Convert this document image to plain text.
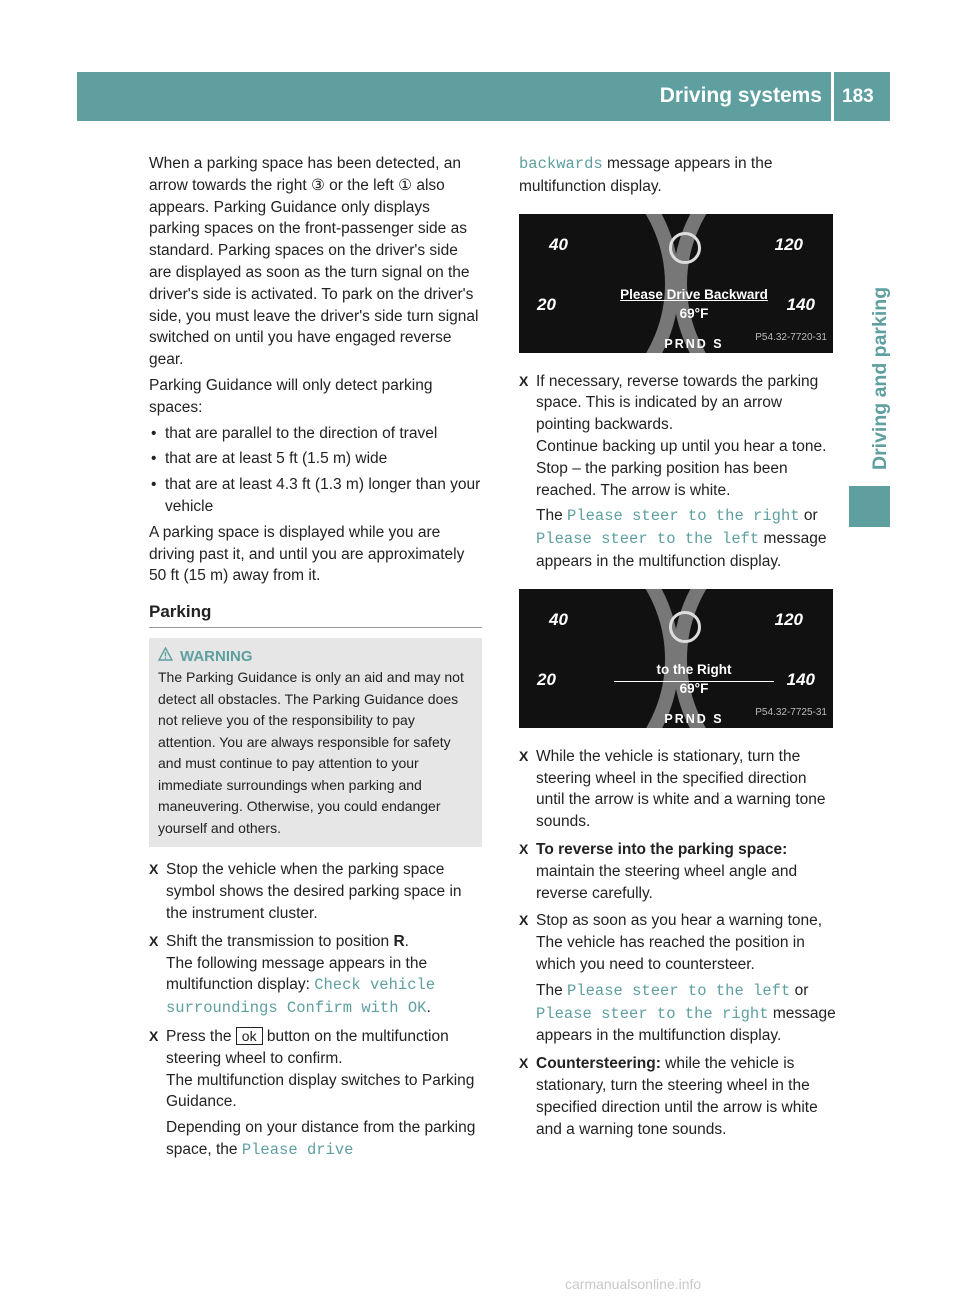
Driving systems 183
Driving and parking

When a parking space has been detected, an arrow towards the right ③ or the left ① also appears. Parking Guidance only displays parking spaces on the front-passenger side as standard. Parking spaces on the driver's side are displayed as soon as the turn signal on the driver's side is activated. To park on the driver's side, you must leave the driver's side turn signal switched on until you have engaged reverse gear.

Parking Guidance will only detect parking spaces:

• that are parallel to the direction of travel

• that are at least 5 ft (1.5 m) wide

• that are at least 4.3 ft (1.3 m) longer than your vehicle

A parking space is displayed while you are driving past it, and until you are approximately 50 ft (15 m) away from it.

Parking
WARNING
The Parking Guidance is only an aid and may not detect all obstacles. The Parking Guidance does not relieve you of the responsibility to pay attention. You are always responsible for safety and must continue to pay attention to your immediate surroundings when parking and maneuvering. Otherwise, you could endanger yourself and others.
X Stop the vehicle when the parking space symbol shows the desired parking space in the instrument cluster.
X Shift the transmission to position R.
The following message appears in the multifunction display: Check vehicle surroundings Confirm with OK.
X Press the ok button on the multifunction steering wheel to confirm.
The multifunction display switches to Parking Guidance.

Depending on your distance from the parking space, the Please drive

backwards message appears in the multifunction display.

40
20
120
140
Please Drive Backward
69°F
PRND S	P54.32-7720-31
X If necessary, reverse towards the parking space. This is indicated by an arrow pointing backwards.
Continue backing up until you hear a tone. Stop – the parking position has been reached. The arrow is white.

The Please steer to the right or Please steer to the left message appears in the multifunction display.

40
20
120
140
to the Right
69°F
PRND S	P54.32-7725-31
X While the vehicle is stationary, turn the steering wheel in the specified direction until the arrow is white and a warning tone sounds.
X To reverse into the parking space: maintain the steering wheel angle and reverse carefully.
X Stop as soon as you hear a warning tone, The vehicle has reached the position in which you need to countersteer.

The Please steer to the left or Please steer to the right message appears in the multifunction display.

X Countersteering: while the vehicle is stationary, turn the steering wheel in the specified direction until the arrow is white and a warning tone sounds.
carmanualsonline.info
